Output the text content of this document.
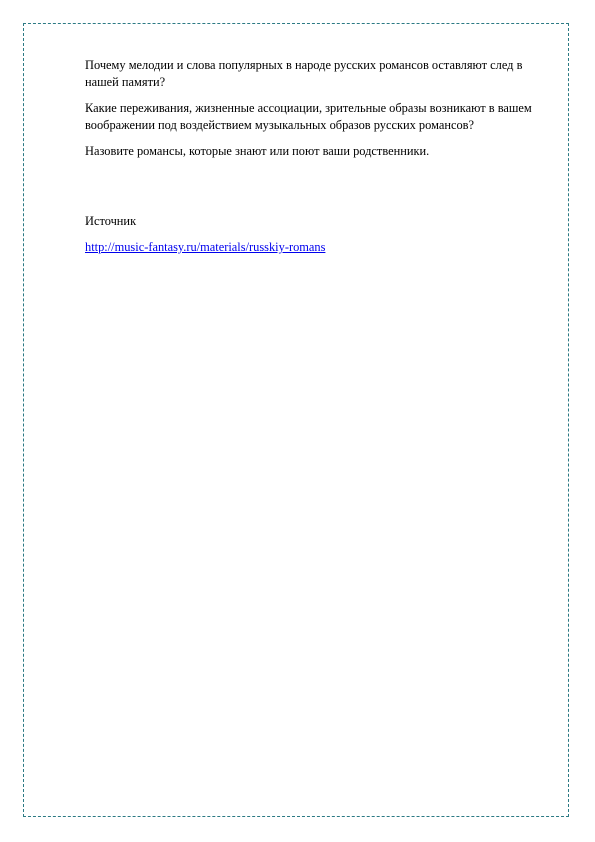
Почему мелодии и слова популярных в народе русских романсов оставляют след в нашей памяти?

Какие переживания, жизненные ассоциации, зрительные образы возникают в вашем воображении под воздействием музыкальных образов русских романсов?

Назовите романсы, которые знают или поют ваши родственники.

Источник

http://music-fantasy.ru/materials/russkiy-romans
